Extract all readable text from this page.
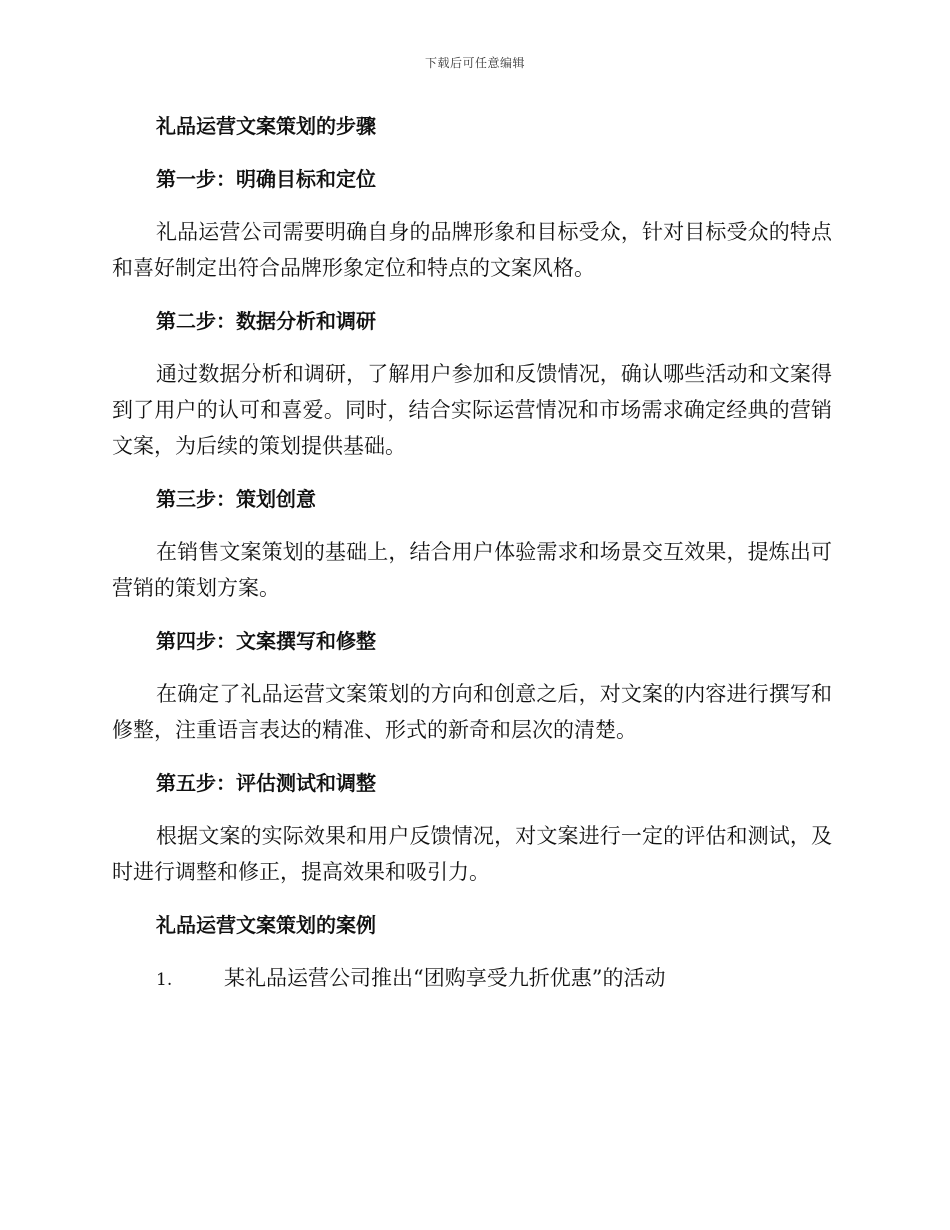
下载后可任意编辑
礼品运营文案策划的步骤
第一步：明确目标和定位
礼品运营公司需要明确自身的品牌形象和目标受众，针对目标受众的特点和喜好制定出符合品牌形象定位和特点的文案风格。
第二步：数据分析和调研
通过数据分析和调研，了解用户参加和反馈情况，确认哪些活动和文案得到了用户的认可和喜爱。同时，结合实际运营情况和市场需求确定经典的营销文案，为后续的策划提供基础。
第三步：策划创意
在销售文案策划的基础上，结合用户体验需求和场景交互效果，提炼出可营销的策划方案。
第四步：文案撰写和修整
在确定了礼品运营文案策划的方向和创意之后，对文案的内容进行撰写和修整，注重语言表达的精准、形式的新奇和层次的清楚。
第五步：评估测试和调整
根据文案的实际效果和用户反馈情况，对文案进行一定的评估和测试，及时进行调整和修正，提高效果和吸引力。
礼品运营文案策划的案例
1.	某礼品运营公司推出“团购享受九折优惠”的活动
